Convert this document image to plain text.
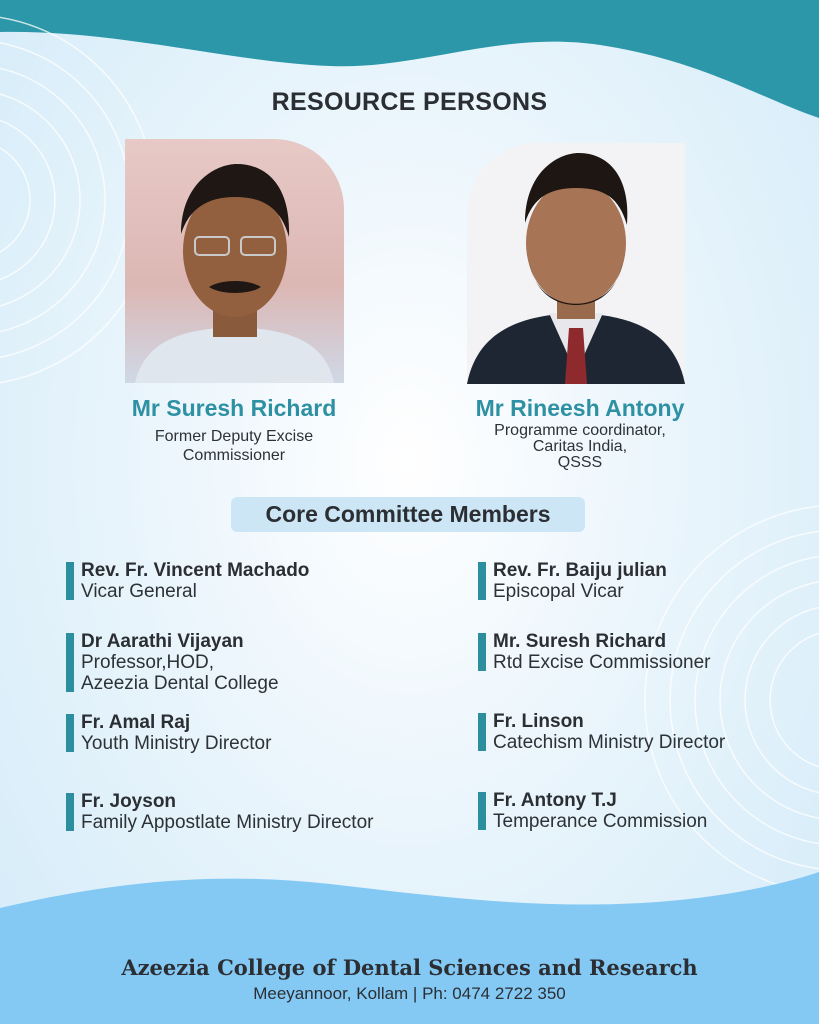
RESOURCE PERSONS
Mr Suresh Richard
Former Deputy Excise
Commissioner
Mr Rineesh Antony
Programme coordinator,
Caritas India,
QSSS
Core Committee Members
Rev. Fr. Vincent Machado
Vicar General
Dr Aarathi Vijayan
Professor,HOD,
Azeezia Dental College
Fr. Amal Raj
Youth Ministry Director
Fr. Joyson
Family Appostlate Ministry Director
Rev. Fr. Baiju julian
Episcopal Vicar
Mr. Suresh Richard
Rtd Excise Commissioner
Fr. Linson
Catechism Ministry Director
Fr. Antony T.J
Temperance Commission
Azeezia College of Dental Sciences and Research
Meeyannoor, Kollam | Ph: 0474 2722 350
